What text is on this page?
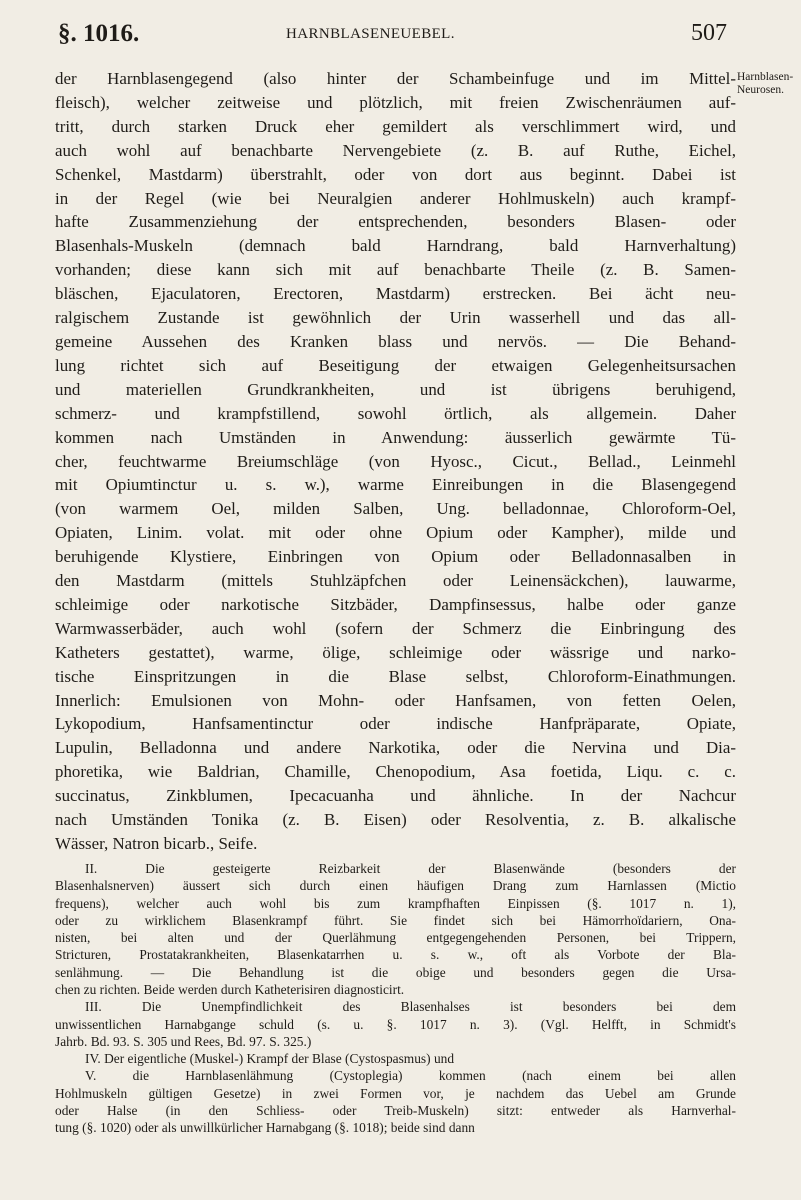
§. 1016.	HARNBLASENEUEBEL.	507
Harnblasen-
Neurosen.

der Harnblasengegend (also hinter der Schambeinfuge und im Mittel-
fleisch), welcher zeitweise und plötzlich, mit freien Zwischenräumen auf-
tritt, durch starken Druck eher gemildert als verschlimmert wird, und
auch wohl auf benachbarte Nervengebiete (z. B. auf Ruthe, Eichel,
Schenkel, Mastdarm) überstrahlt, oder von dort aus beginnt. Dabei ist
in der Regel (wie bei Neuralgien anderer Hohlmuskeln) auch krampf-
hafte Zusammenziehung der entsprechenden, besonders Blasen- oder
Blasenhals-Muskeln (demnach bald Harndrang, bald Harnverhaltung)
vorhanden; diese kann sich mit auf benachbarte Theile (z. B. Samen-
bläschen, Ejaculatoren, Erectoren, Mastdarm) erstrecken. Bei ächt neu-
ralgischem Zustande ist gewöhnlich der Urin wasserhell und das all-
gemeine Aussehen des Kranken blass und nervös. — Die Behand-
lung richtet sich auf Beseitigung der etwaigen Gelegenheitsursachen
und materiellen Grundkrankheiten, und ist übrigens beruhigend,
schmerz- und krampfstillend, sowohl örtlich, als allgemein. Daher
kommen nach Umständen in Anwendung: äusserlich gewärmte Tü-
cher, feuchtwarme Breiumschläge (von Hyosc., Cicut., Bellad., Leinmehl
mit Opiumtinctur u. s. w.), warme Einreibungen in die Blasengegend
(von warmem Oel, milden Salben, Ung. belladonnae, Chloroform-Oel,
Opiaten, Linim. volat. mit oder ohne Opium oder Kampher), milde und
beruhigende Klystiere, Einbringen von Opium oder Belladonnasalben in
den Mastdarm (mittels Stuhlzäpfchen oder Leinensäckchen), lauwarme,
schleimige oder narkotische Sitzbäder, Dampfinsessus, halbe oder ganze
Warmwasserbäder, auch wohl (sofern der Schmerz die Einbringung des
Katheters gestattet), warme, ölige, schleimige oder wässrige und narko-
tische Einspritzungen in die Blase selbst, Chloroform-Einathmungen.
Innerlich: Emulsionen von Mohn- oder Hanfsamen, von fetten Oelen,
Lykopodium, Hanfsamentinctur oder indische Hanfpräparate, Opiate,
Lupulin, Belladonna und andere Narkotika, oder die Nervina und Dia-
phoretika, wie Baldrian, Chamille, Chenopodium, Asa foetida, Liqu. c. c.
succinatus, Zinkblumen, Ipecacuanha und ähnliche. In der Nachcur
nach Umständen Tonika (z. B. Eisen) oder Resolventia, z. B. alkalische
Wässer, Natron bicarb., Seife.

II. Die gesteigerte Reizbarkeit der Blasenwände (besonders der
Blasenhalsnerven) äussert sich durch einen häufigen Drang zum Harnlassen (Mictio
frequens), welcher auch wohl bis zum krampfhaften Einpissen (§. 1017 n. 1),
oder zu wirklichem Blasenkrampf führt. Sie findet sich bei Hämorrhoïdariern, Ona-
nisten, bei alten und der Querlähmung entgegengehenden Personen, bei Trippern,
Stricturen, Prostatakrankheiten, Blasenkatarrhen u. s. w., oft als Vorbote der Bla-
senlähmung. — Die Behandlung ist die obige und besonders gegen die Ursa-
chen zu richten. Beide werden durch Katheterisiren diagnosticirt.

III. Die Unempfindlichkeit des Blasenhalses ist besonders bei dem
unwissentlichen Harnabgange schuld (s. u. §. 1017 n. 3). (Vgl. Helfft, in Schmidt's
Jahrb. Bd. 93. S. 305 und Rees, Bd. 97. S. 325.)

IV. Der eigentliche (Muskel-) Krampf der Blase (Cystospasmus) und

V. die Harnblasenlähmung (Cystoplegia) kommen (nach einem bei allen
Hohlmuskeln gültigen Gesetze) in zwei Formen vor, je nachdem das Uebel am Grunde
oder Halse (in den Schliess- oder Treib-Muskeln) sitzt: entweder als Harnverhal-
tung (§. 1020) oder als unwillkürlicher Harnabgang (§. 1018); beide sind dann
